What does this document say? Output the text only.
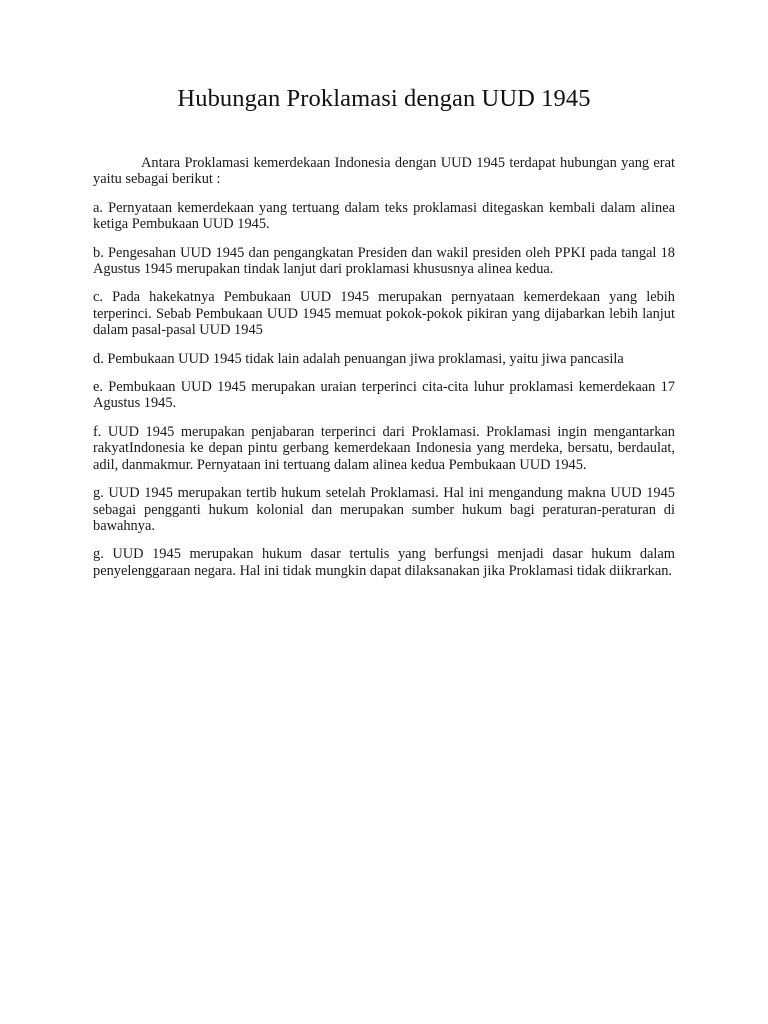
Hubungan Proklamasi dengan UUD 1945

Antara Proklamasi kemerdekaan Indonesia dengan UUD 1945 terdapat hubungan yang erat yaitu sebagai berikut :

a. Pernyataan kemerdekaan yang tertuang dalam teks proklamasi ditegaskan kembali dalam alinea ketiga Pembukaan UUD 1945.

b. Pengesahan UUD 1945 dan pengangkatan Presiden dan wakil presiden oleh PPKI pada tangal 18 Agustus 1945 merupakan tindak lanjut dari proklamasi khususnya alinea kedua.

c. Pada hakekatnya Pembukaan UUD 1945 merupakan pernyataan kemerdekaan yang lebih terperinci. Sebab Pembukaan UUD 1945 memuat pokok-pokok pikiran yang dijabarkan lebih lanjut dalam pasal-pasal UUD 1945

d. Pembukaan UUD 1945 tidak lain adalah penuangan jiwa proklamasi, yaitu jiwa pancasila

e. Pembukaan UUD 1945 merupakan uraian terperinci cita-cita luhur proklamasi kemerdekaan 17 Agustus 1945.

f. UUD 1945 merupakan penjabaran terperinci dari Proklamasi. Proklamasi ingin mengantarkan rakyatIndonesia ke depan pintu gerbang kemerdekaan Indonesia yang merdeka, bersatu, berdaulat, adil, danmakmur. Pernyataan ini tertuang dalam alinea kedua Pembukaan UUD 1945.

g. UUD 1945 merupakan tertib hukum setelah Proklamasi. Hal ini mengandung makna UUD 1945 sebagai pengganti hukum kolonial dan merupakan sumber hukum bagi peraturan-peraturan di bawahnya.

g. UUD 1945 merupakan hukum dasar tertulis yang berfungsi menjadi dasar hukum dalam penyelenggaraan negara. Hal ini tidak mungkin dapat dilaksanakan jika Proklamasi tidak diikrarkan.
